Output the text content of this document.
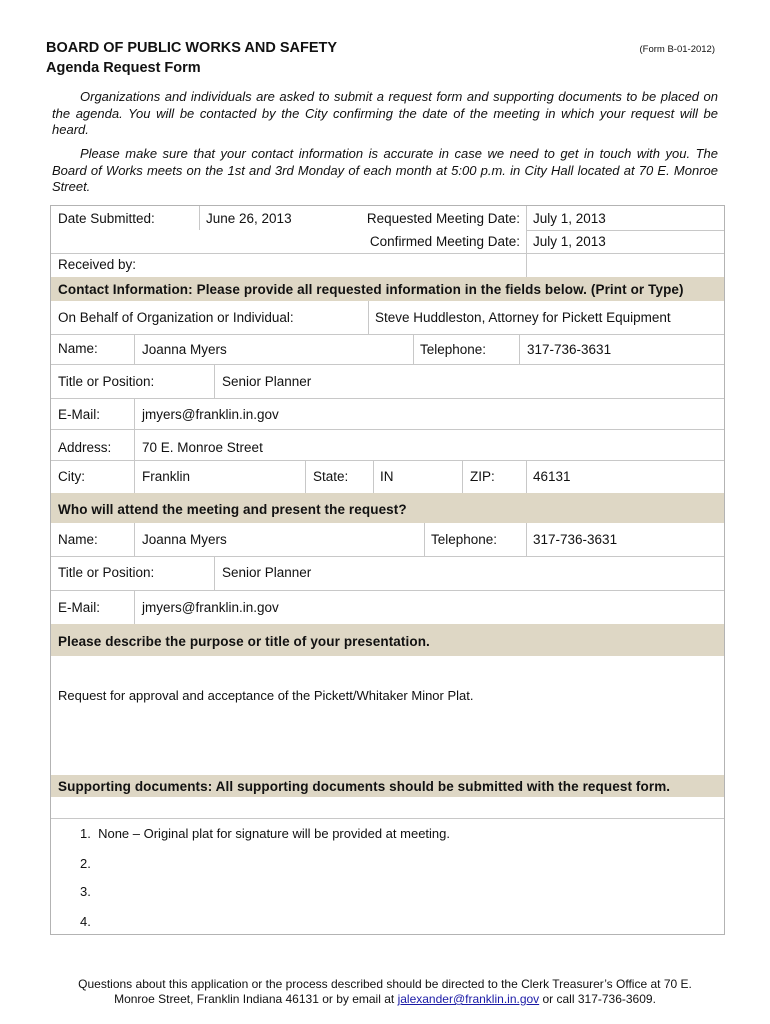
BOARD OF PUBLIC WORKS AND SAFETY
Agenda Request Form
(Form B-01-2012)

Organizations and individuals are asked to submit a request form and supporting documents to be placed on the agenda. You will be contacted by the City confirming the date of the meeting in which your request will be heard.

Please make sure that your contact information is accurate in case we need to get in touch with you. The Board of Works meets on the 1st and 3rd Monday of each month at 5:00 p.m. in City Hall located at 70 E. Monroe Street.

Date Submitted:	June 26, 2013	Requested Meeting Date: July 1, 2013
Confirmed Meeting Date: July 1, 2013
Received by:
Contact Information: Please provide all requested information in the fields below. (Print or Type)
On Behalf of Organization or Individual:	Steve Huddleston, Attorney for Pickett Equipment
Name:	Joanna Myers	Telephone:	317-736-3631
Title or Position:	Senior Planner
E-Mail:	jmyers@franklin.in.gov
Address: 70 E. Monroe Street
City:	Franklin	State: IN	ZIP:	46131
Who will attend the meeting and present the request?
Name:	Joanna Myers	Telephone:	317-736-3631
Title or Position:	Senior Planner
E-Mail:	jmyers@franklin.in.gov
Please describe the purpose or title of your presentation.
Request for approval and acceptance of the Pickett/Whitaker Minor Plat.
Supporting documents: All supporting documents should be submitted with the request form.
1. None – Original plat for signature will be provided at meeting.
2.
3.
4.
Questions about this application or the process described should be directed to the Clerk Treasurer’s Office at 70 E.
Monroe Street, Franklin Indiana 46131 or by email at jalexander@franklin.in.gov or call 317-736-3609.
